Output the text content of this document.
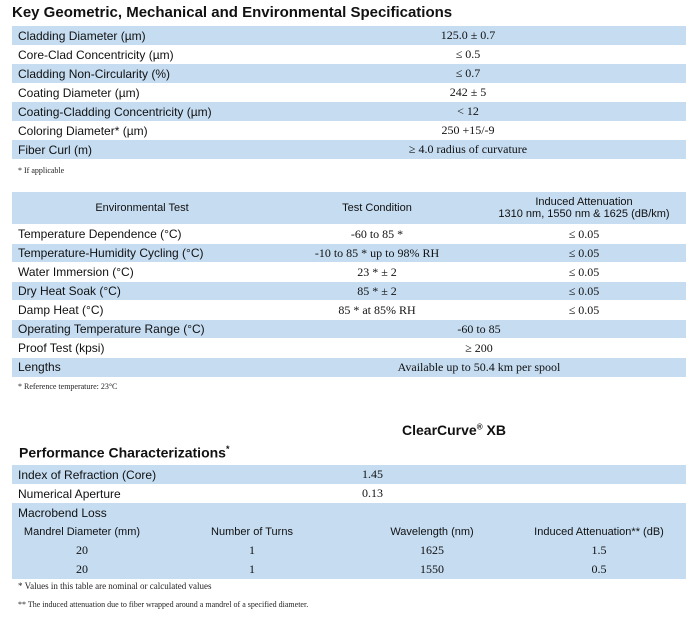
Key Geometric, Mechanical and Environmental Specifications
Cladding Diameter (µm)	125.0 ± 0.7
Core-Clad Concentricity (µm)	≤ 0.5
Cladding Non-Circularity (%)	≤ 0.7
Coating Diameter (µm)	242 ± 5
Coating-Cladding Concentricity (µm)	< 12
Coloring Diameter* (µm)	250 +15/-9
Fiber Curl (m)	≥ 4.0 radius of curvature
* If applicable
Environmental Test	Test Condition	Induced Attenuation
1310 nm, 1550 nm & 1625 (dB/km)

Temperature Dependence (°C)	-60 to 85 *	≤ 0.05
Temperature-Humidity Cycling (°C)	-10 to 85 * up to 98% RH	≤ 0.05
Water Immersion (°C)	23 * ± 2	≤ 0.05
Dry Heat Soak (°C)	85 * ± 2	≤ 0.05
Damp Heat (°C)	85 * at 85% RH	≤ 0.05
Operating Temperature Range (°C)	-60 to 85	
Proof Test (kpsi)	≥ 200	
Lengths	Available up to 50.4 km per spool	
* Reference temperature: 23°C
ClearCurve® XB
Performance Characterizations*
Index of Refraction (Core)		1.45	
Numerical Aperture		0.13	
Macrobend Loss			
Mandrel Diameter (mm)	Number of Turns	Wavelength (nm)	Induced Attenuation** (dB)
20	1	1625	1.5
20	1	1550	0.5
* Values in this table are nominal or calculated values
** The induced attenuation due to fiber wrapped around a mandrel of a specified diameter.
